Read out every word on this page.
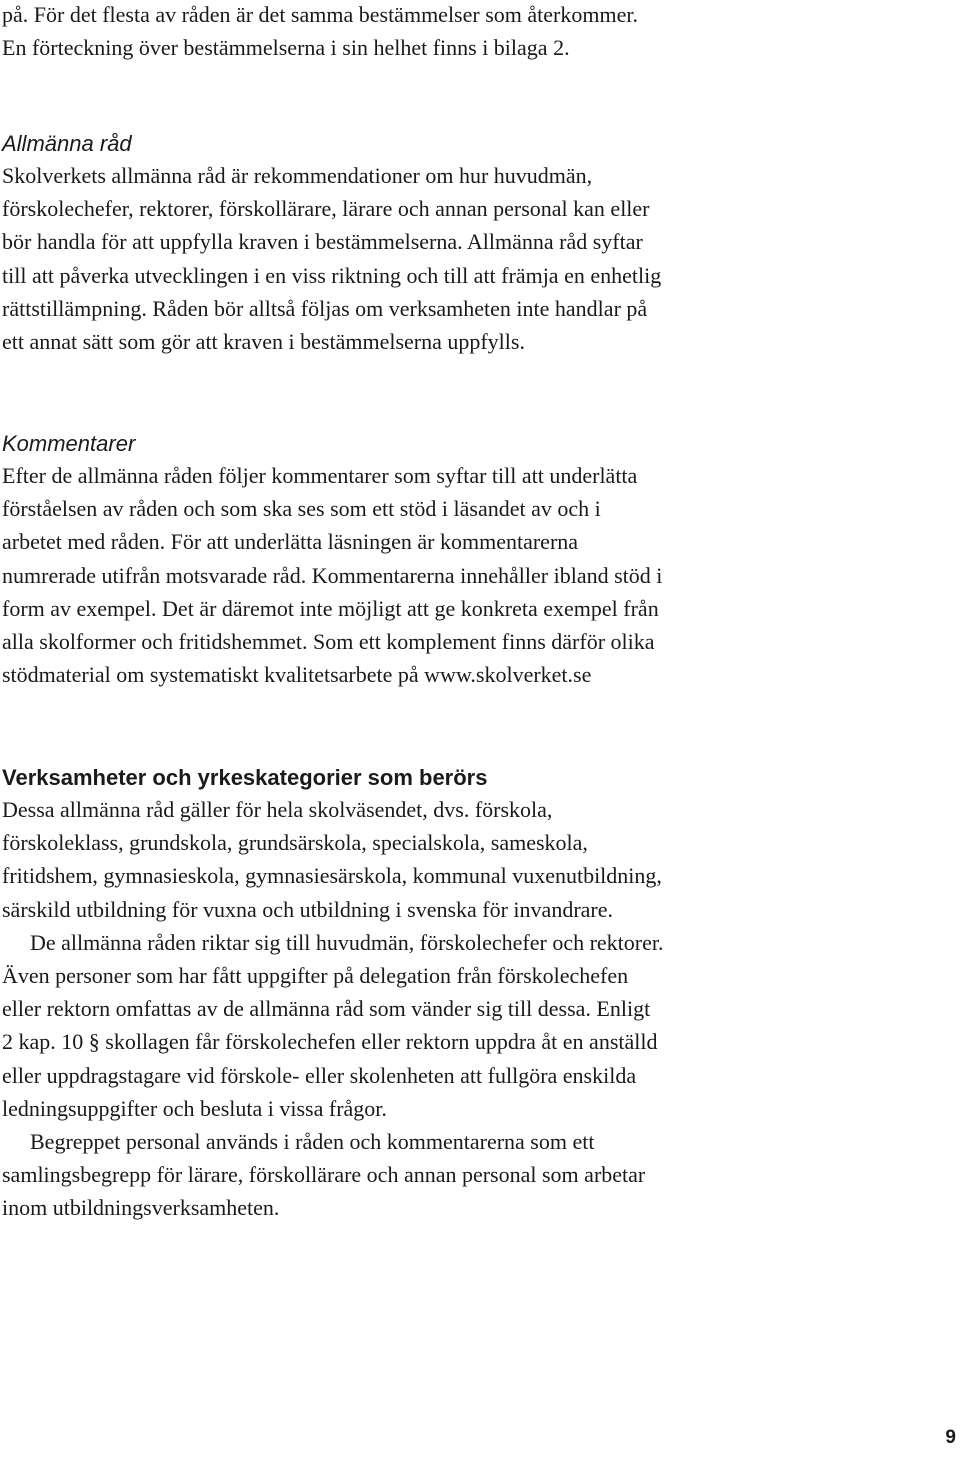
på. För det flesta av råden är det samma bestämmelser som återkommer. En förteckning över bestämmelserna i sin helhet finns i bilaga 2.

Allmänna råd

Skolverkets allmänna råd är rekommendationer om hur huvudmän, förskolechefer, rektorer, förskollärare, lärare och annan personal kan eller bör handla för att uppfylla kraven i bestämmelserna. Allmänna råd syftar till att påverka utvecklingen i en viss riktning och till att främja en enhetlig rättstillämpning. Råden bör alltså följas om verksamheten inte handlar på ett annat sätt som gör att kraven i bestämmelserna uppfylls.

Kommentarer

Efter de allmänna råden följer kommentarer som syftar till att underlätta förståelsen av råden och som ska ses som ett stöd i läsandet av och i arbetet med råden. För att underlätta läsningen är kommentarerna numrerade utifrån motsvarade råd. Kommentarerna innehåller ibland stöd i form av exempel. Det är däremot inte möjligt att ge konkreta exempel från alla skolformer och fritidshemmet. Som ett komplement finns därför olika stödmaterial om systematiskt kvalitetsarbete på www.skolverket.se

Verksamheter och yrkeskategorier som berörs

Dessa allmänna råd gäller för hela skolväsendet, dvs. förskola, förskoleklass, grundskola, grundsärskola, specialskola, sameskola, fritidshem, gymnasieskola, gymnasiesärskola, kommunal vuxenutbildning, särskild utbildning för vuxna och utbildning i svenska för invandrare.

De allmänna råden riktar sig till huvudmän, förskolechefer och rektorer. Även personer som har fått uppgifter på delegation från förskolechefen eller rektorn omfattas av de allmänna råd som vänder sig till dessa. Enligt 2 kap. 10 § skollagen får förskolechefen eller rektorn uppdra åt en anställd eller uppdragstagare vid förskole- eller skolenheten att fullgöra enskilda ledningsuppgifter och besluta i vissa frågor.

Begreppet personal används i råden och kommentarerna som ett samlingsbegrepp för lärare, förskollärare och annan personal som arbetar inom utbildningsverksamheten.

9
